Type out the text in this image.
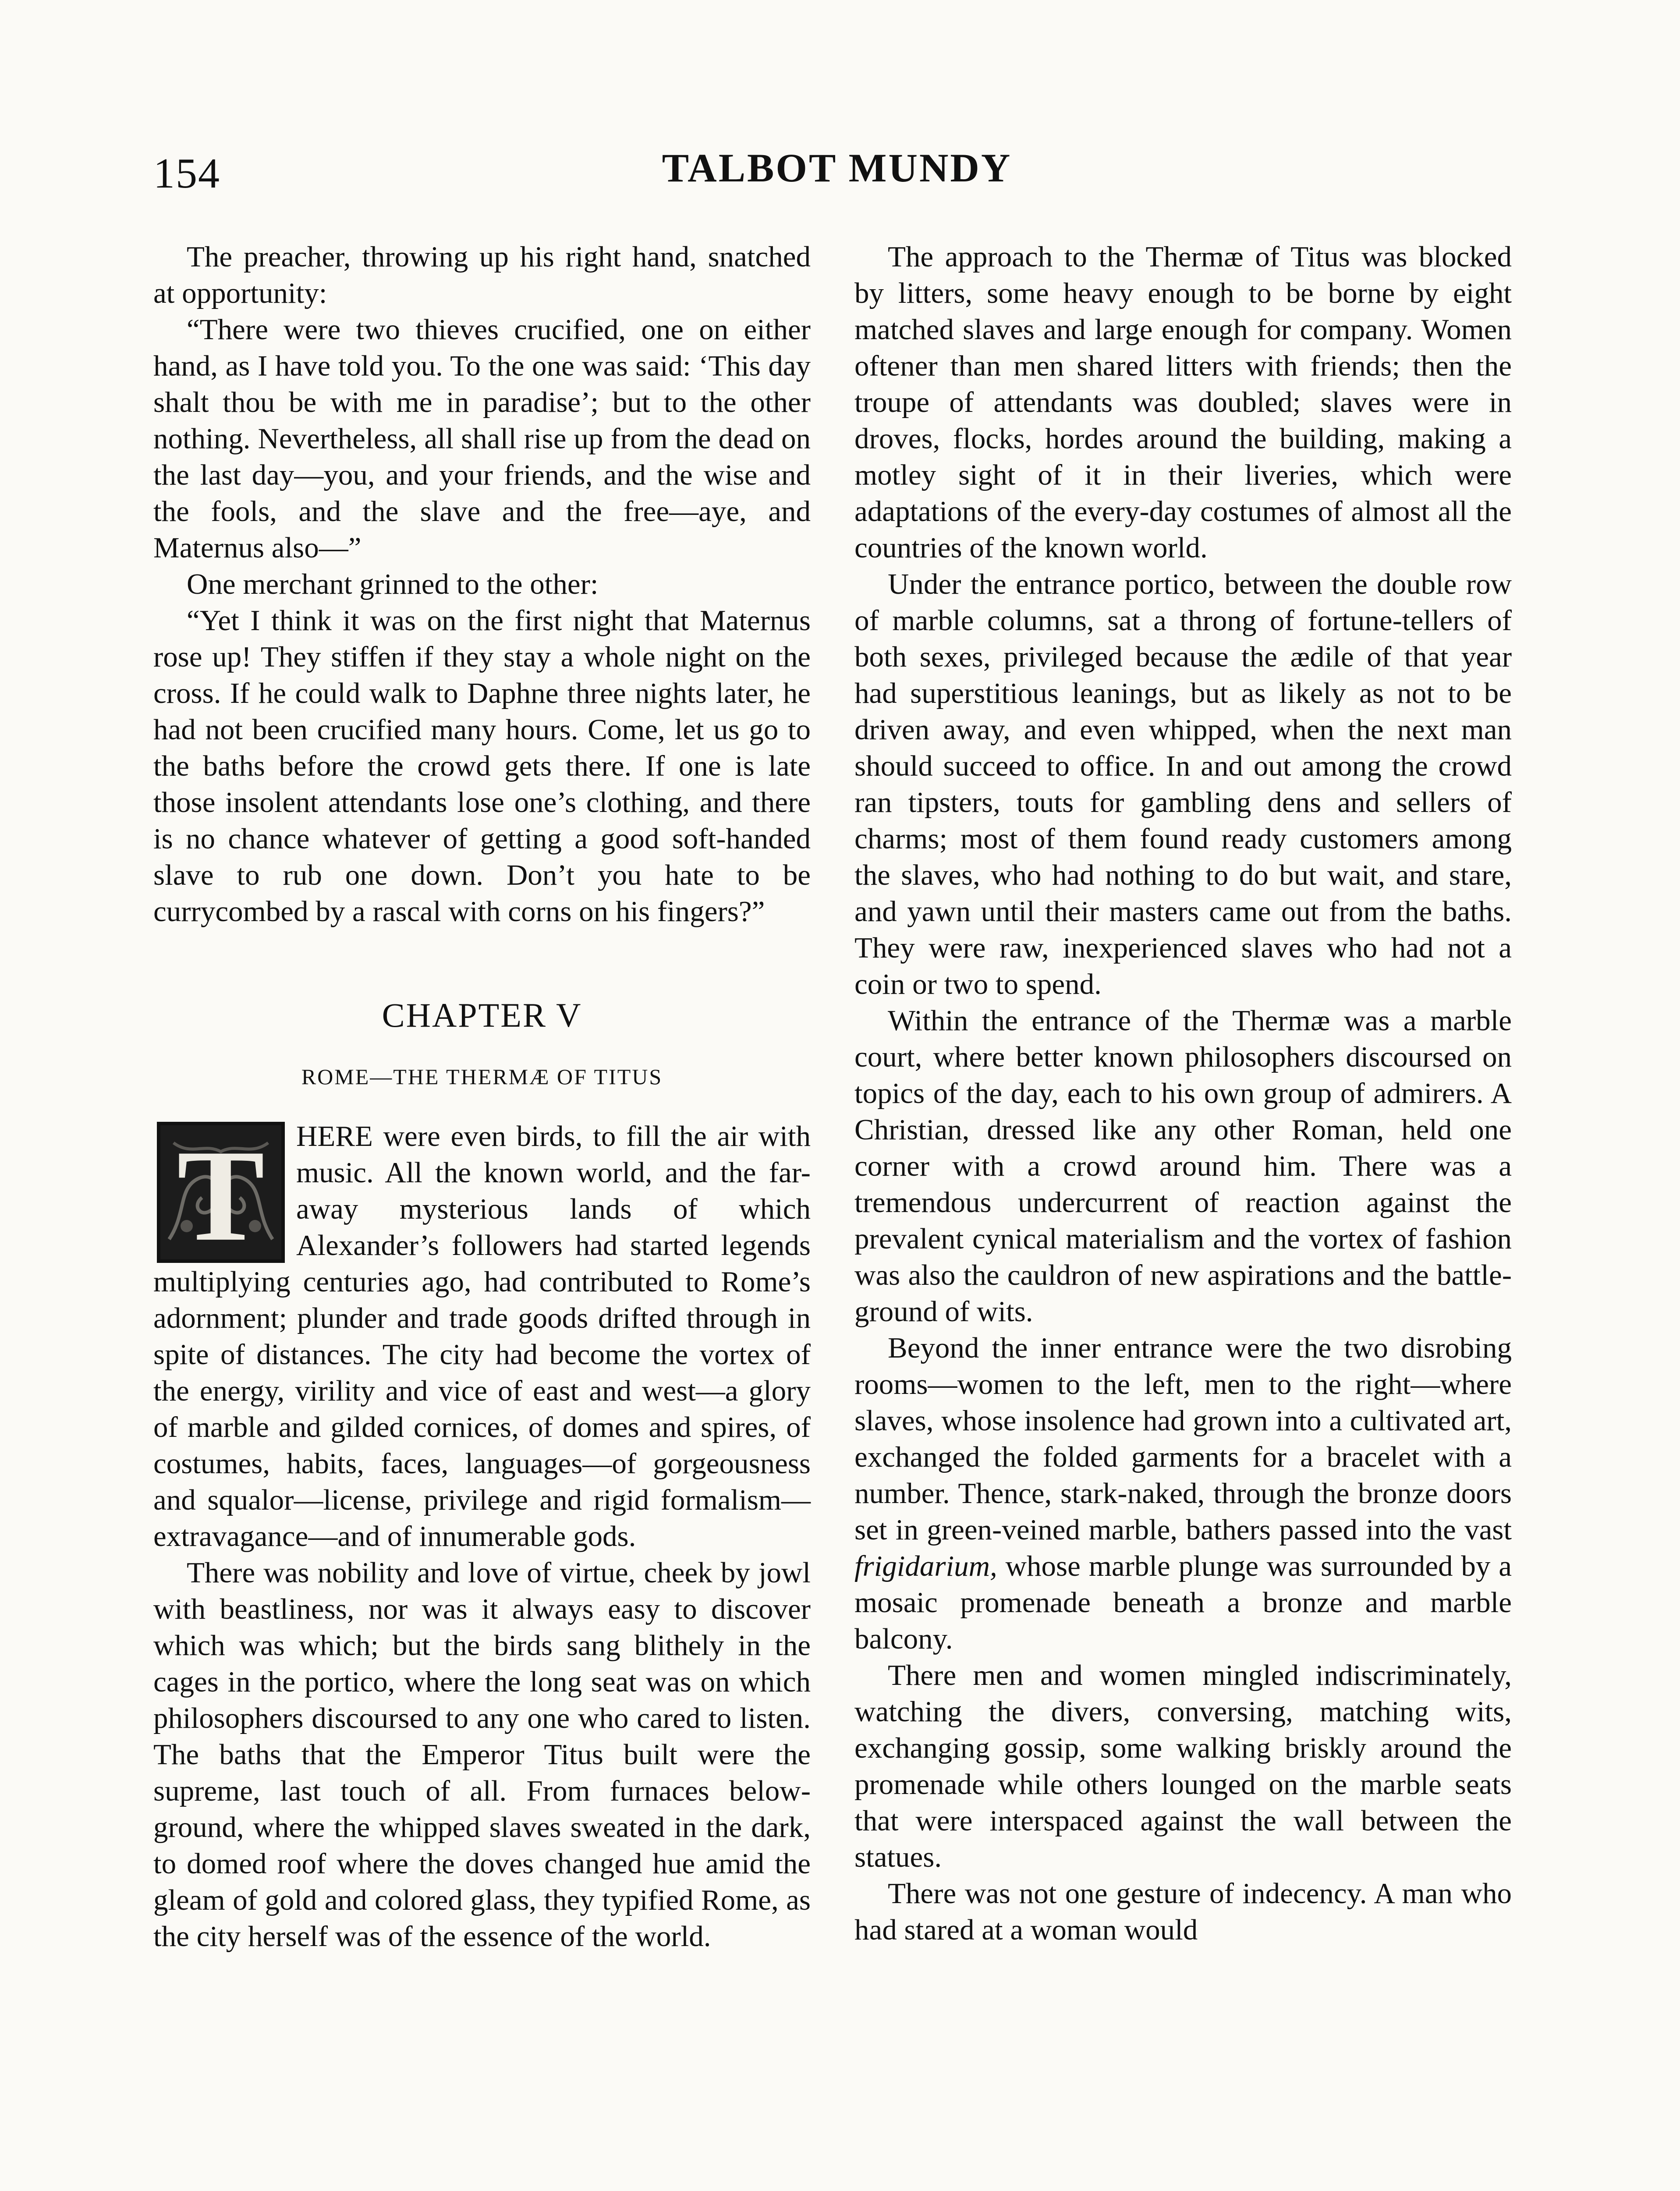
154	TALBOT MUNDY

The preacher, throwing up his right hand, snatched at opportunity:

“There were two thieves crucified, one on either hand, as I have told you. To the one was said: ‘This day shalt thou be with me in paradise’; but to the other nothing. Nevertheless, all shall rise up from the dead on the last day—you, and your friends, and the wise and the fools, and the slave and the free—aye, and Maternus also—”

One merchant grinned to the other:

“Yet I think it was on the first night that Maternus rose up! They stiffen if they stay a whole night on the cross. If he could walk to Daphne three nights later, he had not been crucified many hours. Come, let us go to the baths before the crowd gets there. If one is late those insolent attendants lose one’s clothing, and there is no chance whatever of getting a good soft-handed slave to rub one down. Don’t you hate to be currycombed by a rascal with corns on his fingers?”

CHAPTER V
ROME—THE THERMÆ OF TITUS

T	HERE were even birds, to fill the air with music. All the known world, and the far-away mysterious lands of which Alexander’s followers had started legends multiplying centuries ago, had contributed to Rome’s adornment; plunder and trade goods drifted through in spite of distances. The city had become the vortex of the energy, virility and vice of east and west—a glory of marble and gilded cornices, of domes and spires, of costumes, habits, faces, languages—of gorgeousness and squalor—license, privilege and rigid formalism—extravagance—and of innumerable gods.

There was nobility and love of virtue, cheek by jowl with beastliness, nor was it always easy to discover which was which; but the birds sang blithely in the cages in the portico, where the long seat was on which philosophers discoursed to any one who cared to listen. The baths that the Emperor Titus built were the supreme, last touch of all. From furnaces below-ground, where the whipped slaves sweated in the dark, to domed roof where the doves changed hue amid the gleam of gold and colored glass, they typified Rome, as the city herself was of the essence of the world.

The approach to the Thermæ of Titus was blocked by litters, some heavy enough to be borne by eight matched slaves and large enough for company. Women oftener than men shared litters with friends; then the troupe of attendants was doubled; slaves were in droves, flocks, hordes around the building, making a motley sight of it in their liveries, which were adaptations of the every-day costumes of almost all the countries of the known world.

Under the entrance portico, between the double row of marble columns, sat a throng of fortune-tellers of both sexes, privileged because the ædile of that year had superstitious leanings, but as likely as not to be driven away, and even whipped, when the next man should succeed to office. In and out among the crowd ran tipsters, touts for gambling dens and sellers of charms; most of them found ready customers among the slaves, who had nothing to do but wait, and stare, and yawn until their masters came out from the baths. They were raw, inexperienced slaves who had not a coin or two to spend.

Within the entrance of the Thermæ was a marble court, where better known philosophers discoursed on topics of the day, each to his own group of admirers. A Christian, dressed like any other Roman, held one corner with a crowd around him. There was a tremendous undercurrent of reaction against the prevalent cynical materialism and the vortex of fashion was also the cauldron of new aspirations and the battle-ground of wits.

Beyond the inner entrance were the two disrobing rooms—women to the left, men to the right—where slaves, whose insolence had grown into a cultivated art, exchanged the folded garments for a bracelet with a number. Thence, stark-naked, through the bronze doors set in green-veined marble, bathers passed into the vast frigidarium, whose marble plunge was surrounded by a mosaic promenade beneath a bronze and marble balcony.

There men and women mingled indiscriminately, watching the divers, conversing, matching wits, exchanging gossip, some walking briskly around the promenade while others lounged on the marble seats that were interspaced against the wall between the statues.

There was not one gesture of indecency. A man who had stared at a woman would
